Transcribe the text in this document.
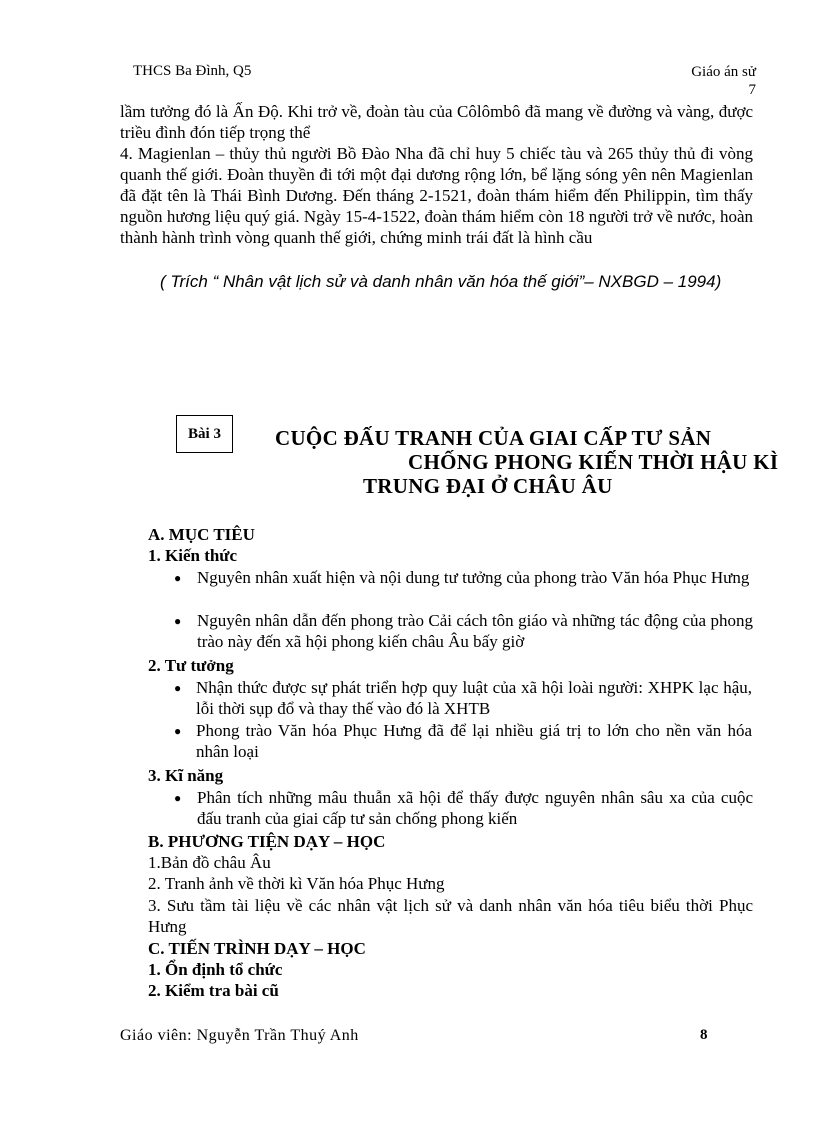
THCS Ba Đình, Q5	Giáo án sử
7

lầm tưởng đó là Ấn Độ. Khi trở về, đoàn tàu của Côlômbô đã mang về đường và vàng, được triều đình đón tiếp trọng thể

4. Magienlan – thủy thủ người Bồ Đào Nha đã chỉ huy 5 chiếc tàu và 265 thủy thủ đi vòng quanh thế giới. Đoàn thuyền đi tới một đại dương rộng lớn, bể lặng sóng yên nên Magienlan đã đặt tên là Thái Bình Dương. Đến tháng 2-1521, đoàn thám hiểm đến Philippin, tìm thấy nguồn hương liệu quý giá. Ngày 15-4-1522, đoàn thám hiểm còn 18 người trở về nước, hoàn thành hành trình vòng quanh thế giới, chứng minh trái đất là hình cầu

( Trích “ Nhân vật lịch sử và danh nhân văn hóa thế giới”– NXBGD – 1994)
Bài 3	CUỘC ĐẤU TRANH CỦA GIAI CẤP TƯ SẢN
CHỐNG PHONG KIẾN THỜI HẬU KÌ
TRUNG ĐẠI Ở CHÂU ÂU
A. MỤC TIÊU
1. Kiến thức
● Nguyên nhân xuất hiện và nội dung tư tưởng của phong trào Văn hóa Phục Hưng
● Nguyên nhân dẫn đến phong trào Cải cách tôn giáo và những tác động của phong trào này đến xã hội phong kiến châu Âu bấy giờ
2. Tư tưởng
● Nhận thức được sự phát triển hợp quy luật của xã hội loài người: XHPK lạc hậu, lỗi thời sụp đổ và thay thế vào đó là XHTB
● Phong trào Văn hóa Phục Hưng đã để lại nhiều giá trị to lớn cho nền văn hóa nhân loại
3. Kĩ năng
● Phân tích những mâu thuẫn xã hội để thấy được nguyên nhân sâu xa của cuộc đấu tranh của giai cấp tư sản chống phong kiến
B. PHƯƠNG TIỆN DẠY – HỌC
1.Bản đồ châu Âu
2. Tranh ảnh về thời kì Văn hóa Phục Hưng
3. Sưu tầm tài liệu về các nhân vật lịch sử và danh nhân văn hóa tiêu biểu thời Phục Hưng
C. TIẾN TRÌNH DẠY – HỌC
1. Ổn định tổ chức
2. Kiểm tra bài cũ
Giáo viên: Nguyễn Trần Thuý Anh	8
